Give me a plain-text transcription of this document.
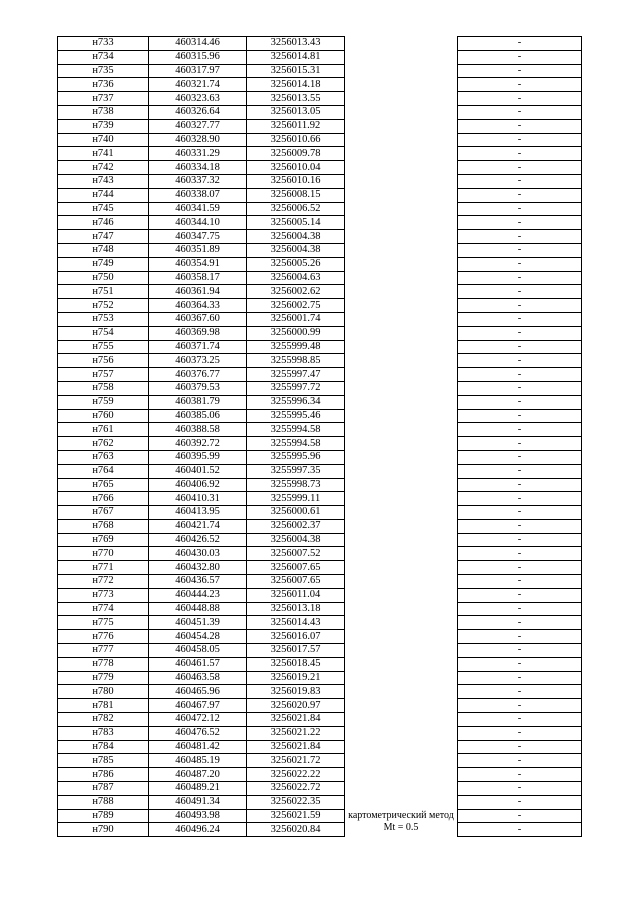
н733	460314.46	3256013.43	картометрический метод Mt = 0.5	-
н734	460315.96	3256014.81		-
н735	460317.97	3256015.31		-
н736	460321.74	3256014.18		-
н737	460323.63	3256013.55		-
н738	460326.64	3256013.05		-
н739	460327.77	3256011.92		-
н740	460328.90	3256010.66		-
н741	460331.29	3256009.78		-
н742	460334.18	3256010.04		-
н743	460337.32	3256010.16		-
н744	460338.07	3256008.15		-
н745	460341.59	3256006.52		-
н746	460344.10	3256005.14		-
н747	460347.75	3256004.38		-
н748	460351.89	3256004.38		-
н749	460354.91	3256005.26		-
н750	460358.17	3256004.63		-
н751	460361.94	3256002.62		-
н752	460364.33	3256002.75		-
н753	460367.60	3256001.74		-
н754	460369.98	3256000.99		-
н755	460371.74	3255999.48		-
н756	460373.25	3255998.85		-
н757	460376.77	3255997.47		-
н758	460379.53	3255997.72		-
н759	460381.79	3255996.34		-
н760	460385.06	3255995.46		-
н761	460388.58	3255994.58		-
н762	460392.72	3255994.58		-
н763	460395.99	3255995.96		-
н764	460401.52	3255997.35		-
н765	460406.92	3255998.73		-
н766	460410.31	3255999.11		-
н767	460413.95	3256000.61		-
н768	460421.74	3256002.37		-
н769	460426.52	3256004.38		-
н770	460430.03	3256007.52		-
н771	460432.80	3256007.65		-
н772	460436.57	3256007.65		-
н773	460444.23	3256011.04		-
н774	460448.88	3256013.18		-
н775	460451.39	3256014.43		-
н776	460454.28	3256016.07		-
н777	460458.05	3256017.57		-
н778	460461.57	3256018.45		-
н779	460463.58	3256019.21		-
н780	460465.96	3256019.83		-
н781	460467.97	3256020.97		-
н782	460472.12	3256021.84		-
н783	460476.52	3256021.22		-
н784	460481.42	3256021.84		-
н785	460485.19	3256021.72		-
н786	460487.20	3256022.22		-
н787	460489.21	3256022.72		-
н788	460491.34	3256022.35		-
н789	460493.98	3256021.59		-
н790	460496.24	3256020.84		-
